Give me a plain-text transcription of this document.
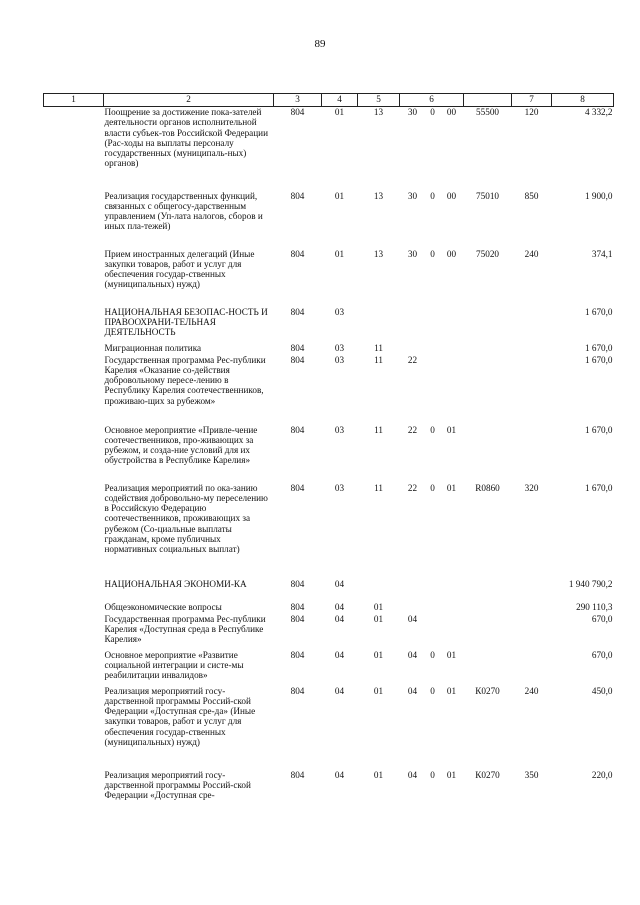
89
1	2	3	4	5	6				7	8
	Поощрение за достижение пока-зателей деятельности органов исполнительной власти субъек-тов Российской Федерации (Рас-ходы на выплаты персоналу государственных (муниципаль-ных) органов)	804	01	13	30	0	00	55500	120	4 332,2
	Реализация государственных функций, связанных с общегосу-дарственным управлением (Уп-лата налогов, сборов и иных пла-тежей)	804	01	13	30	0	00	75010	850	1 900,0
	Прием иностранных делегаций (Иные закупки товаров, работ и услуг для обеспечения государ-ственных (муниципальных) нужд)	804	01	13	30	0	00	75020	240	374,1
	НАЦИОНАЛЬНАЯ БЕЗОПАС-НОСТЬ И ПРАВООХРАНИ-ТЕЛЬНАЯ ДЕЯТЕЛЬНОСТЬ	804	03							1 670,0
	Миграционная политика	804	03	11						1 670,0
	Государственная программа Рес-публики Карелия «Оказание со-действия добровольному пересе-лению в Республику Карелия соотечественников, проживаю-щих за рубежом»	804	03	11	22					1 670,0
	Основное мероприятие «Привле-чение соотечественников, про-живающих за рубежом, и созда-ние условий для их обустройства в Республике Карелия»	804	03	11	22	0	01			1 670,0
	Реализация мероприятий по ока-занию содействия добровольно-му переселению в Российскую Федерацию соотечественников, проживающих за рубежом (Со-циальные выплаты гражданам, кроме публичных нормативных социальных выплат)	804	03	11	22	0	01	R0860	320	1 670,0
	НАЦИОНАЛЬНАЯ ЭКОНОМИ-КА	804	04							1 940 790,2
	Общеэкономические вопросы	804	04	01						290 110,3
	Государственная программа Рес-публики Карелия «Доступная среда в Республике Карелия»	804	04	01	04					670,0
	Основное мероприятие «Развитие социальной интеграции и систе-мы реабилитации инвалидов»	804	04	01	04	0	01			670,0
	Реализация мероприятий госу-дарственной программы Россий-ской Федерации «Доступная сре-да» (Иные закупки товаров, работ и услуг для обеспечения государ-ственных (муниципальных) нужд)	804	04	01	04	0	01	К0270	240	450,0
	Реализация мероприятий госу-дарственной программы Россий-ской Федерации «Доступная сре-	804	04	01	04	0	01	К0270	350	220,0
